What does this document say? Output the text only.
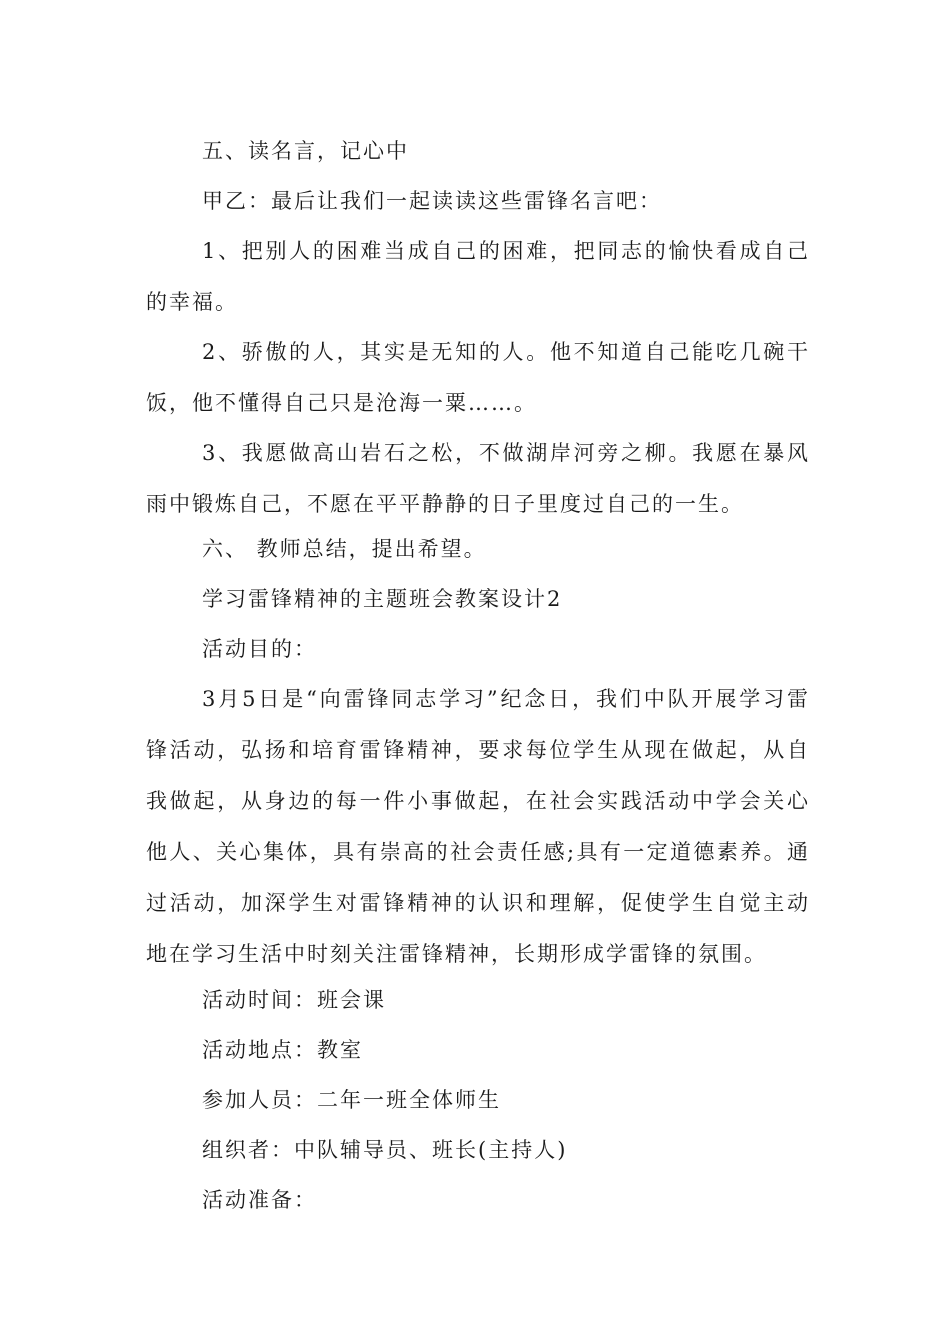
五、读名言，记心中

甲乙：最后让我们一起读读这些雷锋名言吧：

1、把别人的困难当成自己的困难，把同志的愉快看成自己的幸福。

2、骄傲的人，其实是无知的人。他不知道自己能吃几碗干饭，他不懂得自己只是沧海一粟……。

3、我愿做高山岩石之松，不做湖岸河旁之柳。我愿在暴风雨中锻炼自己，不愿在平平静静的日子里度过自己的一生。

六、 教师总结，提出希望。

学习雷锋精神的主题班会教案设计2

活动目的：

3月5日是“向雷锋同志学习”纪念日，我们中队开展学习雷锋活动，弘扬和培育雷锋精神，要求每位学生从现在做起，从自我做起，从身边的每一件小事做起，在社会实践活动中学会关心他人、关心集体，具有崇高的社会责任感;具有一定道德素养。通过活动，加深学生对雷锋精神的认识和理解，促使学生自觉主动地在学习生活中时刻关注雷锋精神，长期形成学雷锋的氛围。

活动时间：班会课

活动地点：教室

参加人员：二年一班全体师生

组织者：中队辅导员、班长(主持人)

活动准备：
